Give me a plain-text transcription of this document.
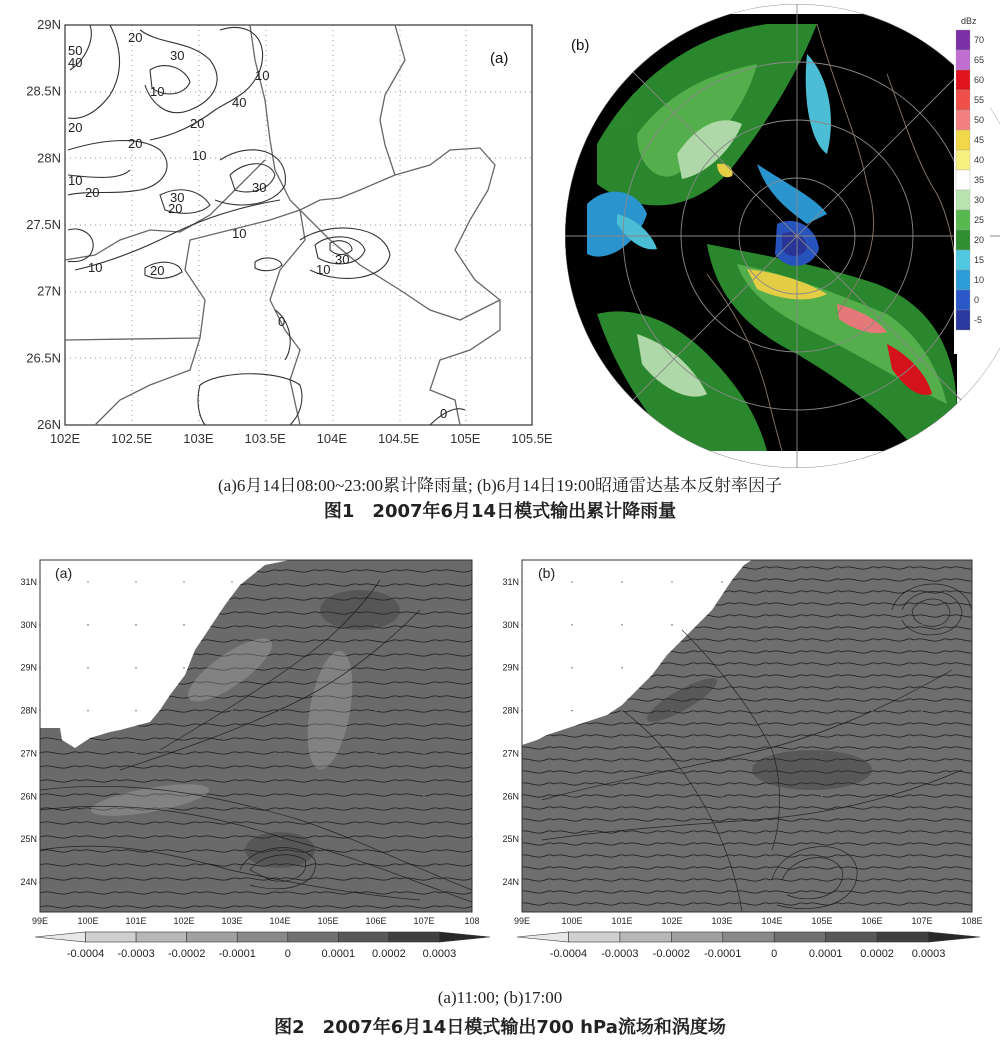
50
40
20
30
10
40
20
20
20
10
10
20	30
30
20
10
10
10	20
30
10
0
0
(a)
26N
26.5N
27N
27.5N
28N
28.5N
29N
102E 102.5E 103E 103.5E 104E 104.5E 105E 105.5E
dBz
70
65
60
55
50
45
40
35
30
25
20
15
10
0
-5
(b)
(a)6月14日08:00~23:00累计降雨量; (b)6月14日19:00昭通雷达基本反射率因子
图1　2007年6月14日模式输出累计降雨量
(a)
31N
30N
29N
28N
27N
26N
25N
24N
99E	100E	101E	102E	103E	104E	105E	106E	107E	108
-0.0004 -0.0003 -0.0002 -0.0001	0	0.0001 0.0002 0.0003
(b)
31N
30N
29N
28N
27N
26N
25N
24N
99E	100E	101E	102E	103E	104E	105E	106E	107E	108E
-0.0004 -0.0003 -0.0002 -0.0001	0	0.0001 0.0002 0.0003
(a)11:00; (b)17:00
图2　2007年6月14日模式输出700 hPa流场和涡度场
